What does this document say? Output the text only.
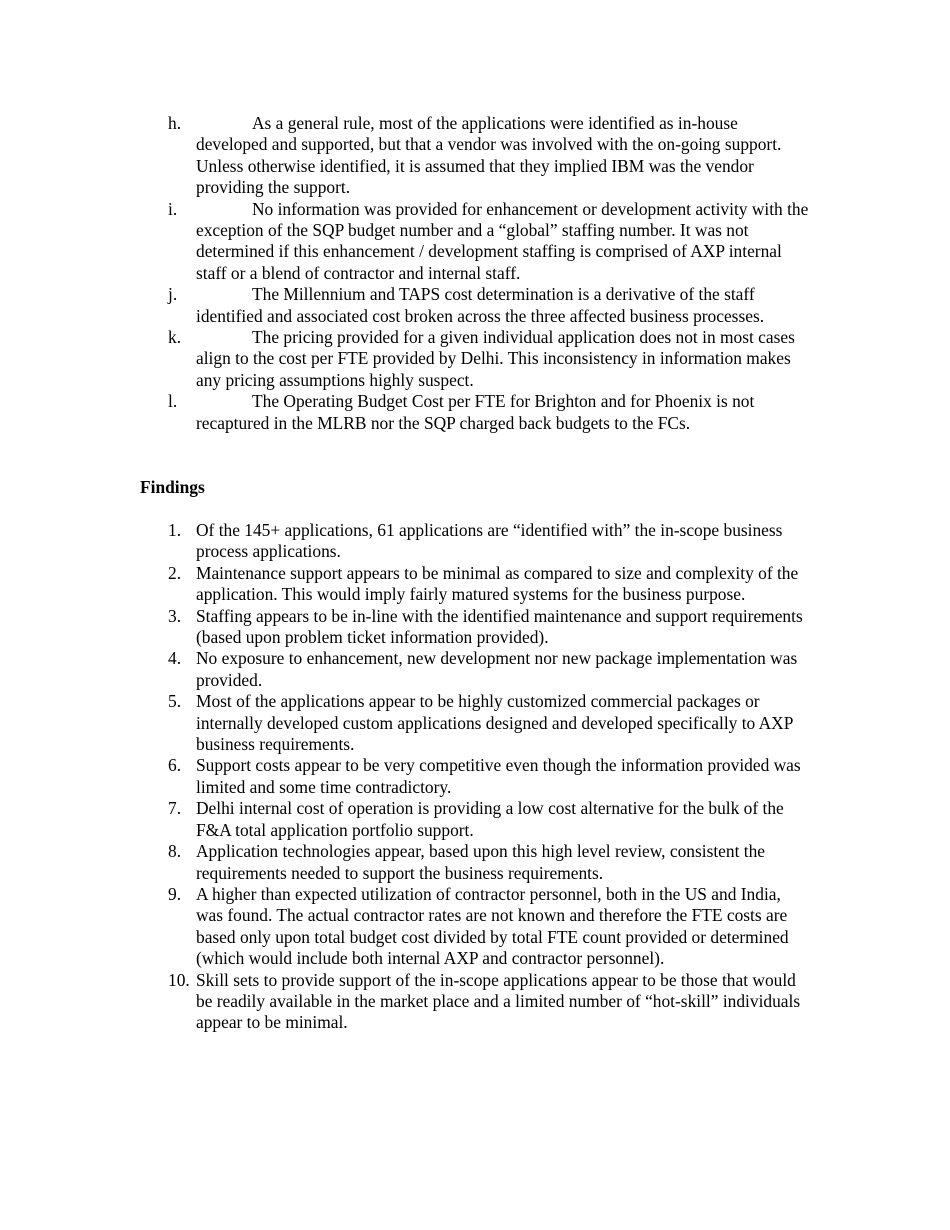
h.	As a general rule, most of the applications were identified as in-house developed and supported, but that a vendor was involved with the on-going support. Unless otherwise identified, it is assumed that they implied IBM was the vendor providing the support.
i.	No information was provided for enhancement or development activity with the exception of the SQP budget number and a “global” staffing number. It was not determined if this enhancement / development staffing is comprised of AXP internal staff or a blend of contractor and internal staff.
j.	The Millennium and TAPS cost determination is a derivative of the staff identified and associated cost broken across the three affected business processes.
k.	The pricing provided for a given individual application does not in most cases align to the cost per FTE provided by Delhi. This inconsistency in information makes any pricing assumptions highly suspect.
l.	The Operating Budget Cost per FTE for Brighton and for Phoenix is not recaptured in the MLRB nor the SQP charged back budgets to the FCs.
Findings
1. Of the 145+ applications, 61 applications are “identified with” the in-scope business process applications.
2. Maintenance support appears to be minimal as compared to size and complexity of the application. This would imply fairly matured systems for the business purpose.
3. Staffing appears to be in-line with the identified maintenance and support requirements (based upon problem ticket information provided).
4. No exposure to enhancement, new development nor new package implementation was provided.
5. Most of the applications appear to be highly customized commercial packages or internally developed custom applications designed and developed specifically to AXP business requirements.
6. Support costs appear to be very competitive even though the information provided was limited and some time contradictory.
7. Delhi internal cost of operation is providing a low cost alternative for the bulk of the F&A total application portfolio support.
8. Application technologies appear, based upon this high level review, consistent the requirements needed to support the business requirements.
9. A higher than expected utilization of contractor personnel, both in the US and India, was found. The actual contractor rates are not known and therefore the FTE costs are based only upon total budget cost divided by total FTE count provided or determined (which would include both internal AXP and contractor personnel).
10. Skill sets to provide support of the in-scope applications appear to be those that would be readily available in the market place and a limited number of “hot-skill” individuals appear to be minimal.
